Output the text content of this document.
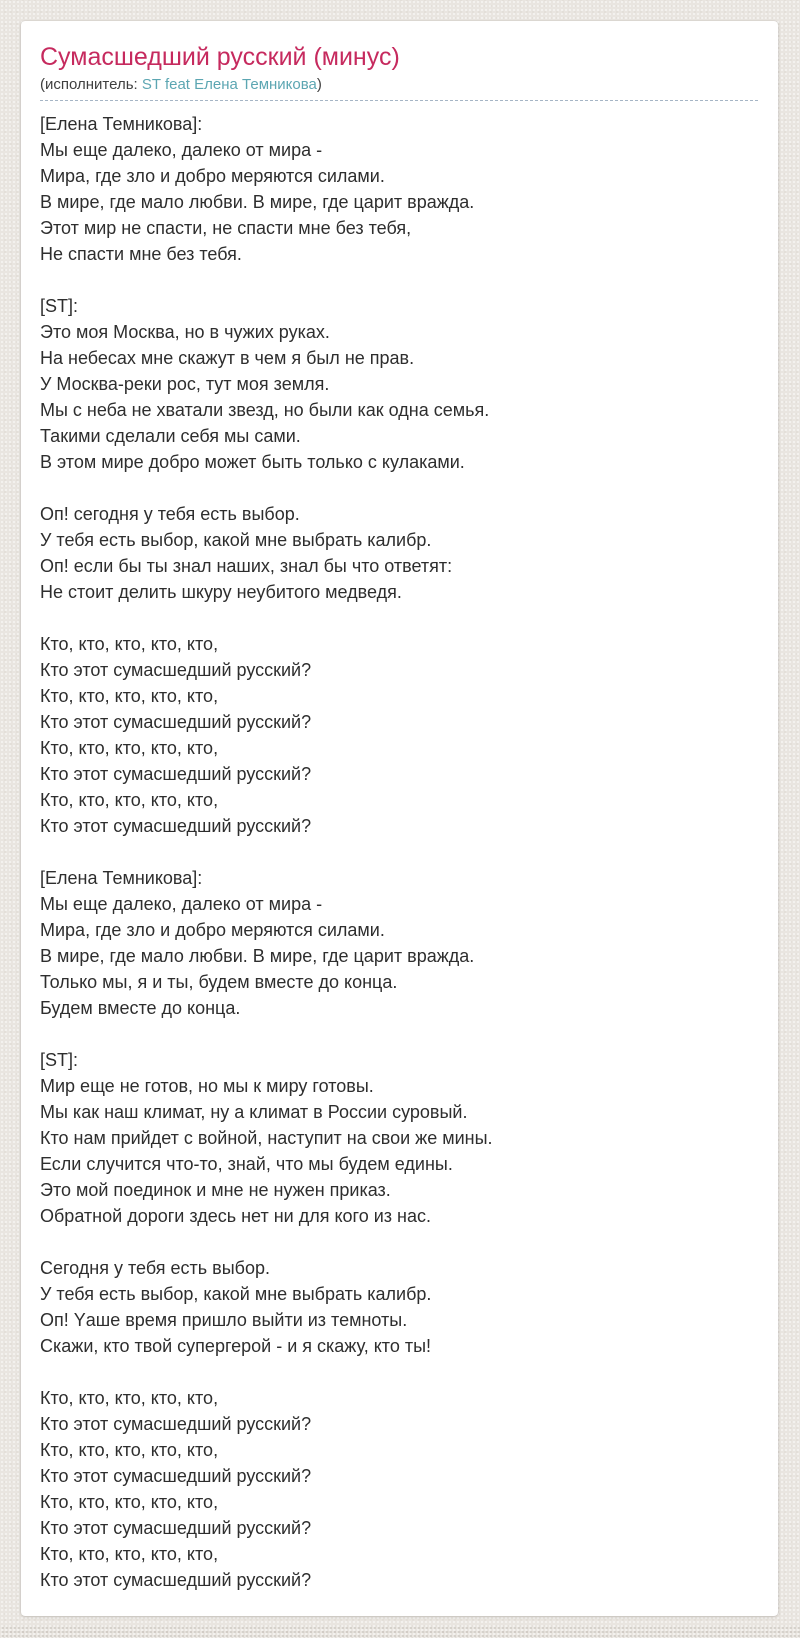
Сумасшедший русский (минус)
(исполнитель: ST feat Елена Темникова)
[Елена Темникова]:
Мы еще далеко, далеко от мира -
Мира, где зло и добро меряются силами.
В мире, где мало любви. В мире, где царит вражда.
Этот мир не спасти, не спасти мне без тебя,
Не спасти мне без тебя.
[ST]:
Это моя Москва, но в чужих руках.
На небесах мне скажут в чем я был не прав.
У Москва-реки рос, тут моя земля.
Мы с неба не хватали звезд, но были как одна семья.
Такими сделали себя мы сами.
В этом мире добро может быть только с кулаками.
Оп! сегодня у тебя есть выбор.
У тебя есть выбор, какой мне выбрать калибр.
Оп! если бы ты знал наших, знал бы что ответят:
Не стоит делить шкуру неубитого медведя.
Кто, кто, кто, кто, кто,
Кто этот сумасшедший русский?
Кто, кто, кто, кто, кто,
Кто этот сумасшедший русский?
Кто, кто, кто, кто, кто,
Кто этот сумасшедший русский?
Кто, кто, кто, кто, кто,
Кто этот сумасшедший русский?
[Елена Темникова]:
Мы еще далеко, далеко от мира -
Мира, где зло и добро меряются силами.
В мире, где мало любви. В мире, где царит вражда.
Только мы, я и ты, будем вместе до конца.
Будем вместе до конца.
[ST]:
Мир еще не готов, но мы к миру готовы.
Мы как наш климат, ну а климат в России суровый.
Кто нам прийдет с войной, наступит на свои же мины.
Если случится что-то, знай, что мы будем едины.
Это мой поединок и мне не нужен приказ.
Обратной дороги здесь нет ни для кого из нас.
Сегодня у тебя есть выбор.
У тебя есть выбор, какой мне выбрать калибр.
Оп! Yаше время пришло выйти из темноты.
Скажи, кто твой супергерой - и я скажу, кто ты!
Кто, кто, кто, кто, кто,
Кто этот сумасшедший русский?
Кто, кто, кто, кто, кто,
Кто этот сумасшедший русский?
Кто, кто, кто, кто, кто,
Кто этот сумасшедший русский?
Кто, кто, кто, кто, кто,
Кто этот сумасшедший русский?
